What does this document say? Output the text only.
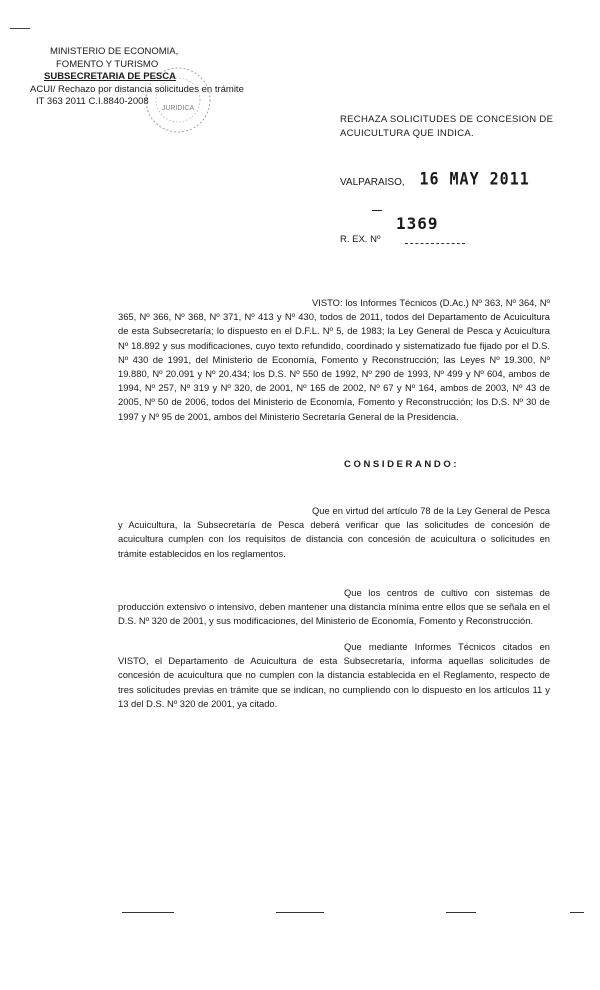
MINISTERIO DE ECONOMIA,
FOMENTO Y TURISMO
SUBSECRETARIA DE PESCA
ACUI/ Rechazo por distancia solicitudes en trámite
IT 363 2011 C.I.8840-2008
JURIDICA
RECHAZA SOLICITUDES DE CONCESION DE ACUICULTURA QUE INDICA.
VALPARAISO, 16 MAY 2011
1369
R. EX. Nº

VISTO: los Informes Técnicos (D.Ac.) Nº 363, Nº 364, Nº 365, Nº 366, Nº 368, Nº 371, Nº 413 y Nº 430, todos de 2011, todos del Departamento de Acuicultura de esta Subsecretaría; lo dispuesto en el D.F.L. Nº 5, de 1983; la Ley General de Pesca y Acuicultura Nº 18.892 y sus modificaciones, cuyo texto refundido, coordinado y sistematizado fue fijado por el D.S. Nº 430 de 1991, del Ministerio de Economía, Fomento y Reconstrucción; las Leyes Nº 19.300, Nº 19.880, Nº 20.091 y Nº 20.434; los D.S. Nº 550 de 1992, Nº 290 de 1993, Nº 499 y Nº 604, ambos de 1994, Nº 257, Nº 319 y Nº 320, de 2001, Nº 165 de 2002, Nº 67 y Nº 164, ambos de 2003, Nº 43 de 2005, Nº 50 de 2006, todos del Ministerio de Economía, Fomento y Reconstrucción; los D.S. Nº 30 de 1997 y Nº 95 de 2001, ambos del Ministerio Secretaría General de la Presidencia.

CONSIDERANDO:

Que en virtud del artículo 78 de la Ley General de Pesca y Acuicultura, la Subsecretaría de Pesca deberá verificar que las solicitudes de concesión de acuicultura cumplen con los requisitos de distancia con concesión de acuicultura o solicitudes en trámite establecidos en los reglamentos.

Que los centros de cultivo con sistemas de producción extensivo o intensivo, deben mantener una distancia mínima entre ellos que se señala en el D.S. Nº 320 de 2001, y sus modificaciones, del Ministerio de Economía, Fomento y Reconstrucción.

Que mediante Informes Técnicos citados en VISTO, el Departamento de Acuicultura de esta Subsecretaría, informa aquellas solicitudes de concesión de acuicultura que no cumplen con la distancia establecida en el Reglamento, respecto de tres solicitudes previas en trámite que se indican, no cumpliendo con lo dispuesto en los artículos 11 y 13 del D.S. Nº 320 de 2001, ya citado.
